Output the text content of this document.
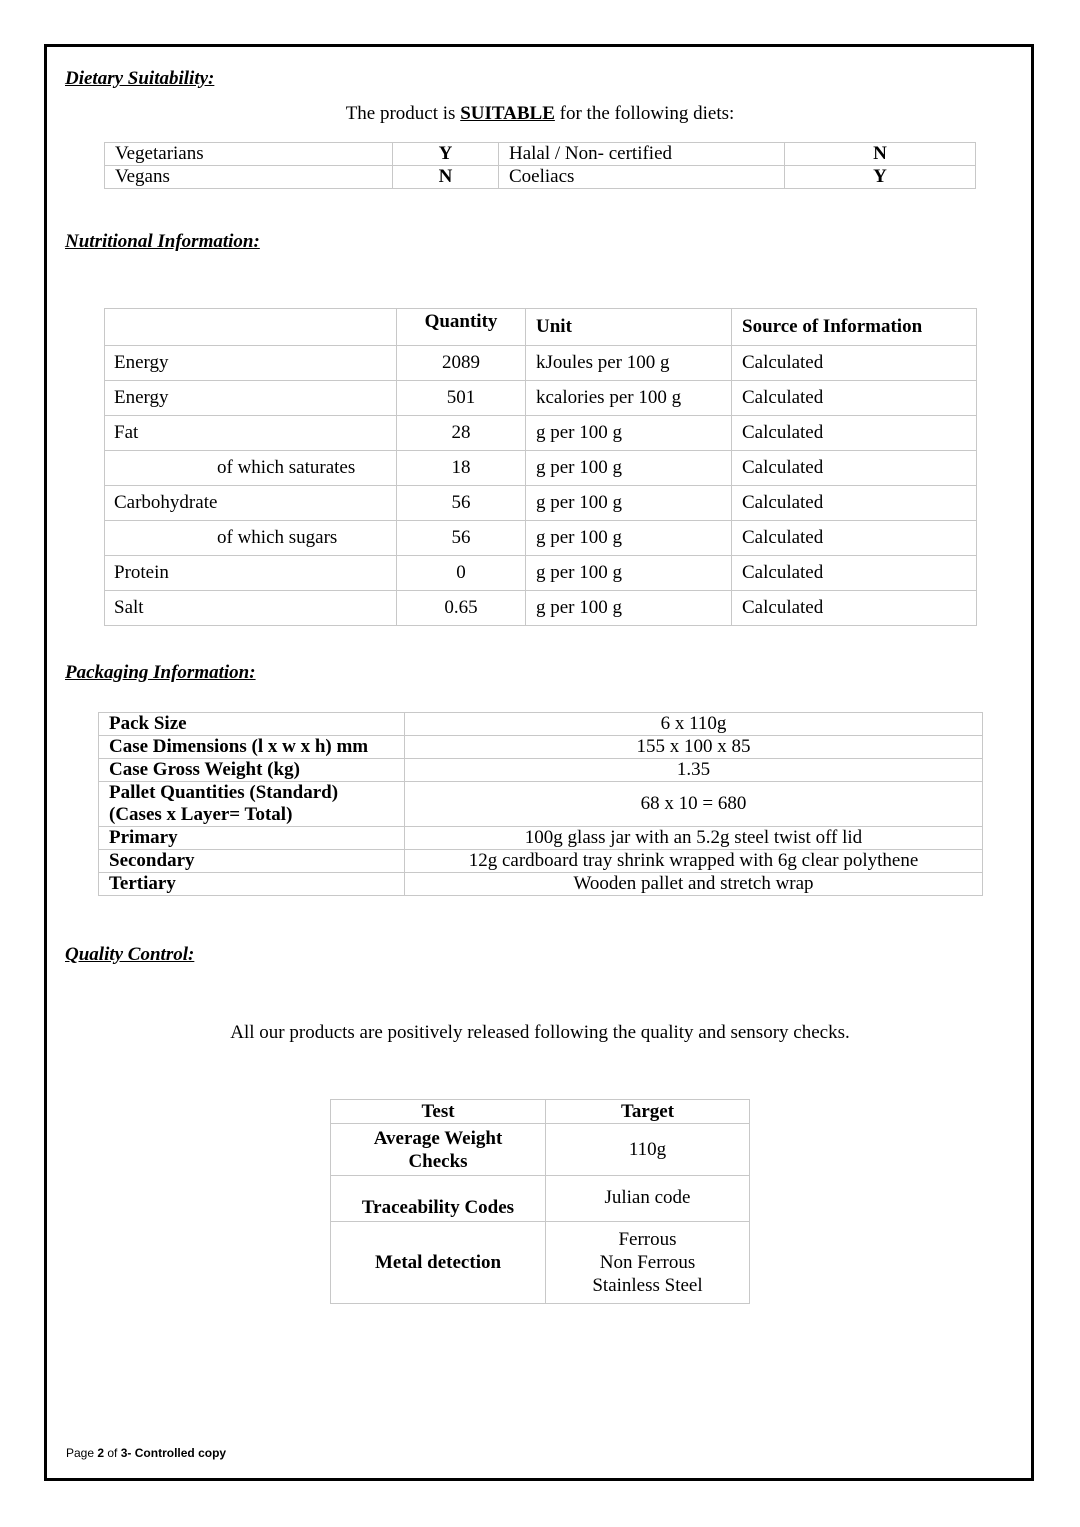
Dietary Suitability:
The product is SUITABLE for the following diets:
Vegetarians	Y	Halal / Non- certified	N
Vegans	N	Coeliacs	Y
Nutritional Information:
	Quantity	Unit	Source of Information
Energy	2089	kJoules per 100 g	Calculated
Energy	501	kcalories per 100 g	Calculated
Fat	28	g per 100 g	Calculated
of which saturates	18	g per 100 g	Calculated
Carbohydrate	56	g per 100 g	Calculated
of which sugars	56	g per 100 g	Calculated
Protein	0	g per 100 g	Calculated
Salt	0.65	g per 100 g	Calculated
Packaging Information:
Pack Size	6 x 110g
Case Dimensions (l x w x h) mm	155 x 100 x 85
Case Gross Weight (kg)	1.35

Pallet Quantities (Standard)
(Cases x Layer= Total)	68 x 10 = 680
Primary	100g glass jar with an 5.2g steel twist off lid
Secondary	12g cardboard tray shrink wrapped with 6g clear polythene
Tertiary	Wooden pallet and stretch wrap
Quality Control:
All our products are positively released following the quality and sensory checks.
Test	Target

Average Weight
Checks	110g
Traceability Codes	Julian code
Metal detection	Ferrous
Non Ferrous
Stainless Steel
Page 2 of 3- Controlled copy
